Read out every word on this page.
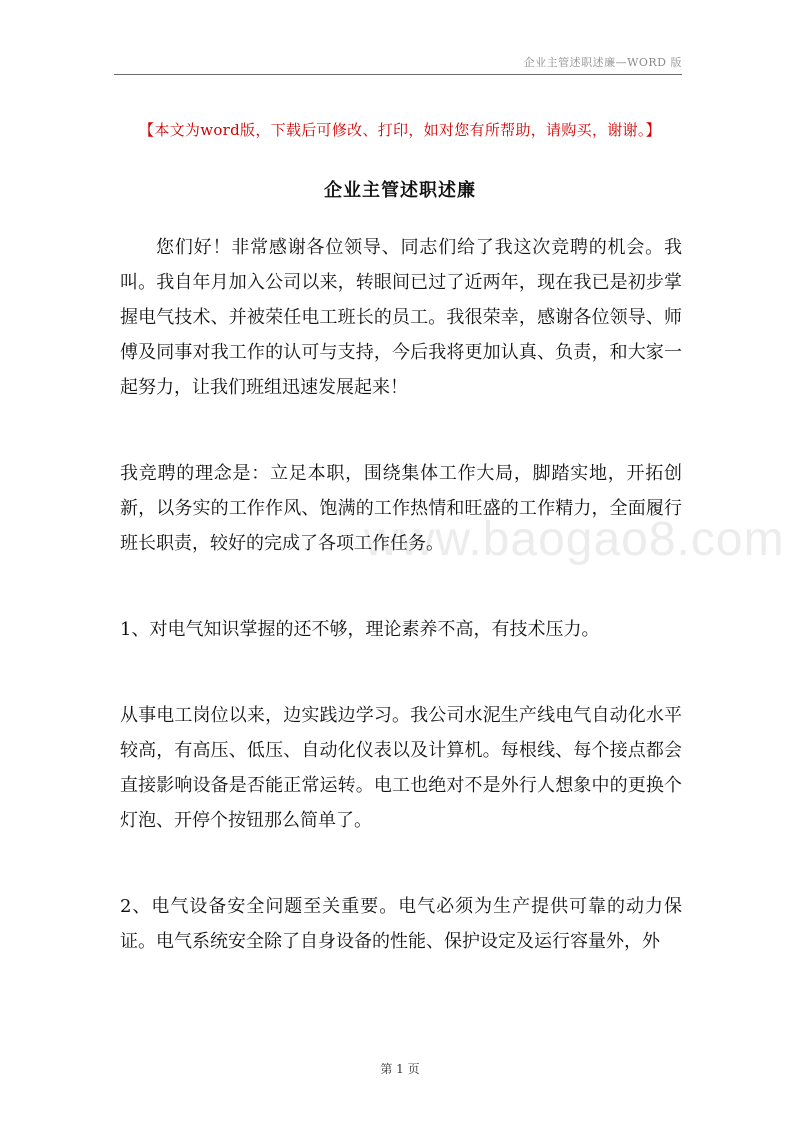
企业主管述职述廉—WORD 版
【本文为word版，下载后可修改、打印，如对您有所帮助，请购买，谢谢。】
企业主管述职述廉
www.baogao8.com

您们好！非常感谢各位领导、同志们给了我这次竞聘的机会。我叫。我自年月加入公司以来，转眼间已过了近两年，现在我已是初步掌握电气技术、并被荣任电工班长的员工。我很荣幸，感谢各位领导、师傅及同事对我工作的认可与支持，今后我将更加认真、负责，和大家一起努力，让我们班组迅速发展起来！

我竞聘的理念是：立足本职，围绕集体工作大局，脚踏实地，开拓创新，以务实的工作作风、饱满的工作热情和旺盛的工作精力，全面履行班长职责，较好的完成了各项工作任务。

1、对电气知识掌握的还不够，理论素养不高，有技术压力。

从事电工岗位以来，边实践边学习。我公司水泥生产线电气自动化水平较高，有高压、低压、自动化仪表以及计算机。每根线、每个接点都会直接影响设备是否能正常运转。电工也绝对不是外行人想象中的更换个灯泡、开停个按钮那么简单了。

2、电气设备安全问题至关重要。电气必须为生产提供可靠的动力保证。电气系统安全除了自身设备的性能、保护设定及运行容量外，外

第 1 页
